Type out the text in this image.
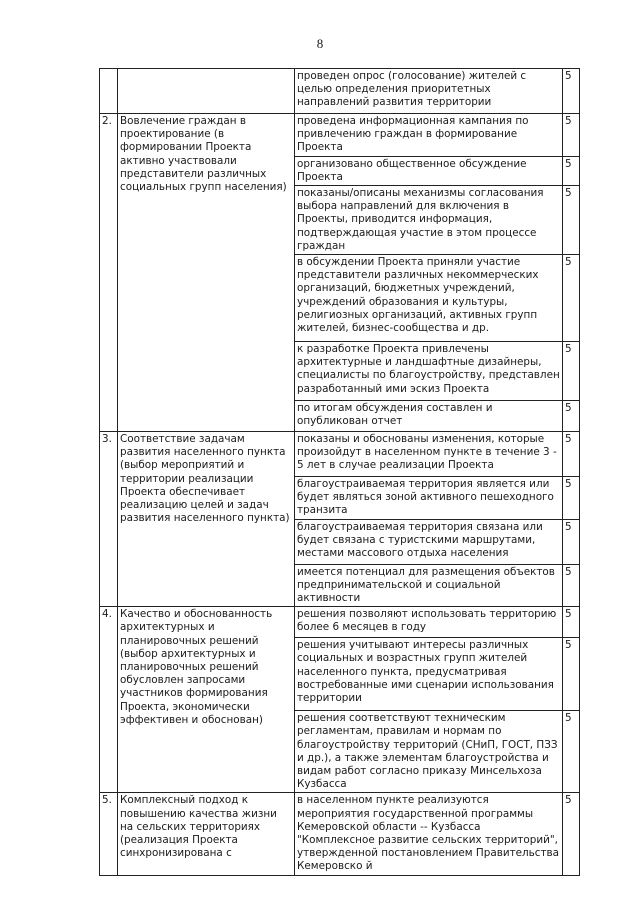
8
		проведен опрос (голосование) жителей с целью определения приоритетных направлений развития территории	5
2.	Вовлечение граждан в проектирование (в формировании Проекта активно участвовали представители различных социальных групп населения)	проведена информационная кампания по привлечению граждан в формирование Проекта	5
		организовано общественное обсуждение Проекта	5
		показаны/описаны механизмы согласования выбора направлений для включения в Проекты, приводится информация, подтверждающая участие в этом процессе граждан	5
		в обсуждении Проекта приняли участие представители различных некоммерческих организаций, бюджетных учреждений, учреждений образования и культуры, религиозных организаций, активных групп жителей, бизнес-сообщества и др.	5
		к разработке Проекта привлечены архитектурные и ландшафтные дизайнеры, специалисты по благоустройству, представлен разработанный ими эскиз Проекта	5
		по итогам обсуждения составлен и опубликован отчет	5
3.	Соответствие задачам развития населенного пункта (выбор мероприятий и территории реализации Проекта обеспечивает реализацию целей и задач развития населенного пункта)	показаны и обоснованы изменения, которые произойдут в населенном пункте в течение 3 - 5 лет в случае реализации Проекта	5
		благоустраиваемая территория является или будет являться зоной активного пешеходного транзита	5
		благоустраиваемая территория связана или будет связана с туристскими маршрутами, местами массового отдыха населения	5
		имеется потенциал для размещения объектов предпринимательской и социальной активности	5
4.	Качество и обоснованность архитектурных и планировочных решений (выбор архитектурных и планировочных решений обусловлен запросами участников формирования Проекта, экономически эффективен и обоснован)	решения позволяют использовать территорию более 6 месяцев в году	5
		решения учитывают интересы различных социальных и возрастных групп жителей населенного пункта, предусматривая востребованные ими сценарии использования территории	5
		решения соответствуют техническим регламентам, правилам и нормам по благоустройству территорий (СНиП, ГОСТ, ПЗЗ и др.), а также элементам благоустройства и видам работ согласно приказу Минсельхоза Кузбасса	5
5.	Комплексный подход к повышению качества жизни на сельских территориях (реализация Проекта синхронизирована с	в населенном пункте реализуются мероприятия государственной программы Кемеровской области -- Кузбасса "Комплексное развитие сельских территорий", утвержденной постановлением Правительства Кемеровско й	5
